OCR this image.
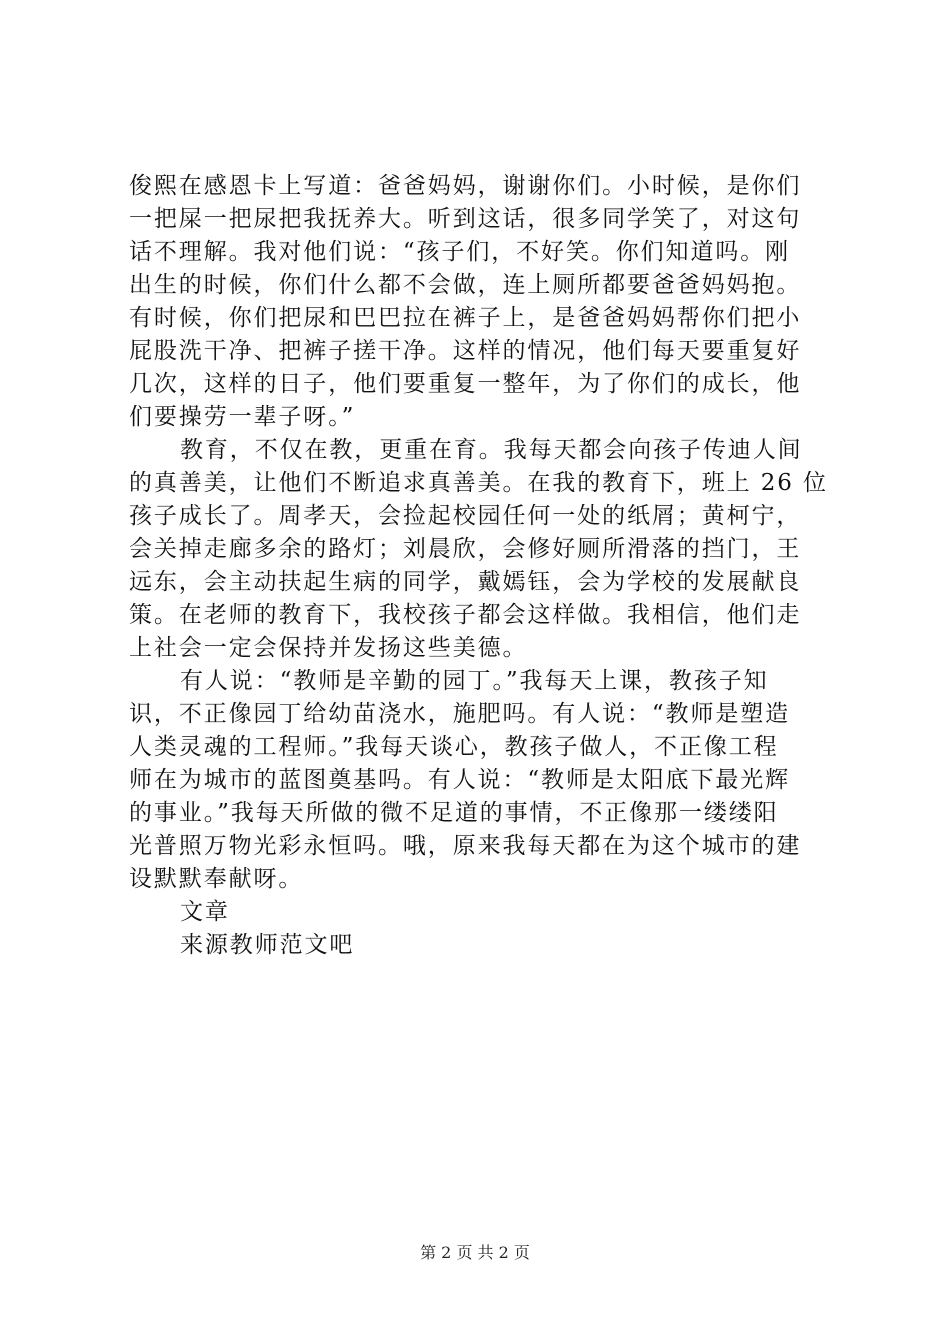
俊熙在感恩卡上写道：爸爸妈妈，谢谢你们。小时候，是你们
一把屎一把尿把我抚养大。听到这话，很多同学笑了，对这句
话不理解。我对他们说：“孩子们，不好笑。你们知道吗。刚
出生的时候，你们什么都不会做，连上厕所都要爸爸妈妈抱。
有时候，你们把尿和巴巴拉在裤子上，是爸爸妈妈帮你们把小
屁股洗干净、把裤子搓干净。这样的情况，他们每天要重复好
几次，这样的日子，他们要重复一整年，为了你们的成长，他
们要操劳一辈子呀。”
教育，不仅在教，更重在育。我每天都会向孩子传迪人间
的真善美，让他们不断追求真善美。在我的教育下，班上 26 位
孩子成长了。周孝天，会捡起校园任何一处的纸屑；黄柯宁，
会关掉走廊多余的路灯；刘晨欣，会修好厕所滑落的挡门，王
远东，会主动扶起生病的同学，戴嫣钰，会为学校的发展献良
策。在老师的教育下，我校孩子都会这样做。我相信，他们走
上社会一定会保持并发扬这些美德。
有人说：“教师是辛勤的园丁。”我每天上课，教孩子知
识，不正像园丁给幼苗浇水，施肥吗。有人说：“教师是塑造
人类灵魂的工程师。”我每天谈心，教孩子做人，不正像工程
师在为城市的蓝图奠基吗。有人说：“教师是太阳底下最光辉
的事业。”我每天所做的微不足道的事情，不正像那一缕缕阳
光普照万物光彩永恒吗。哦，原来我每天都在为这个城市的建
设默默奉献呀。
文章
来源教师范文吧
第 2 页 共 2 页
